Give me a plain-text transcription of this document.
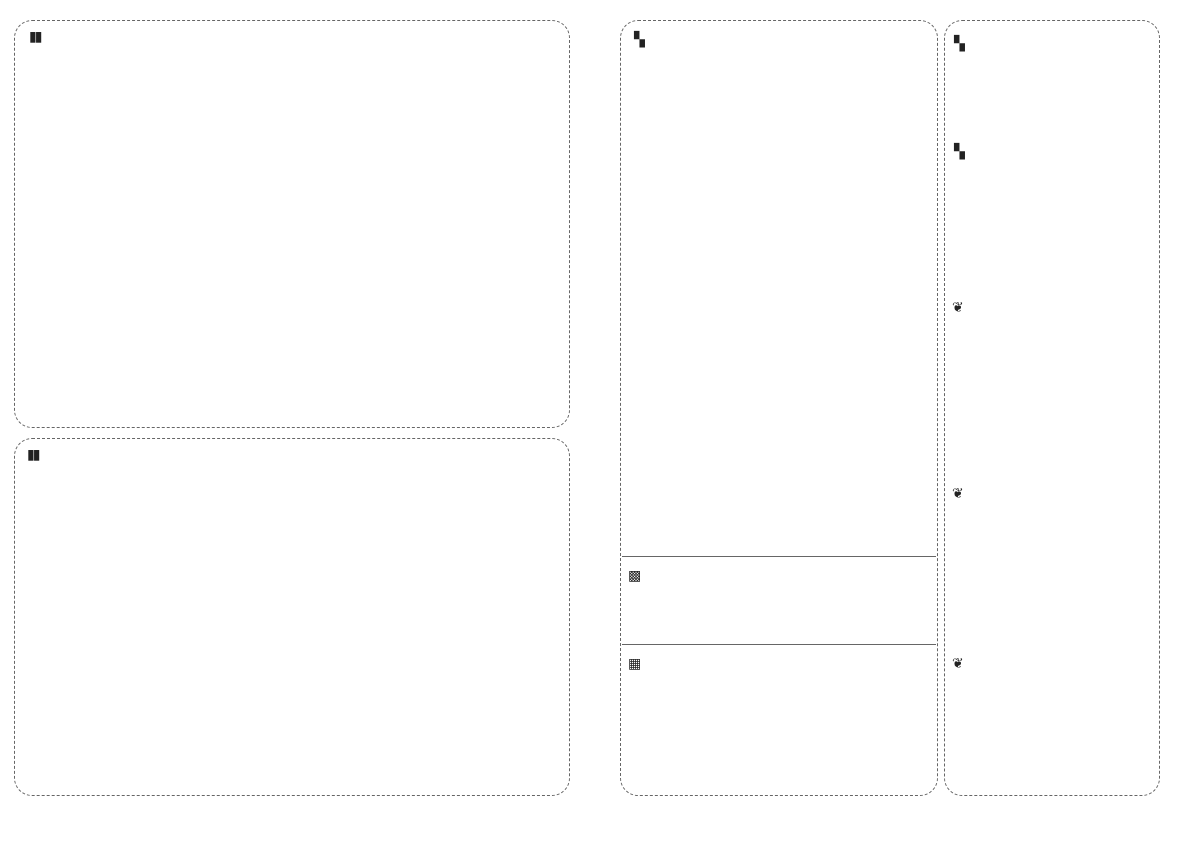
▮▮
▮▮
▚
▩

▦
▚
▚
❦
❦
❦
